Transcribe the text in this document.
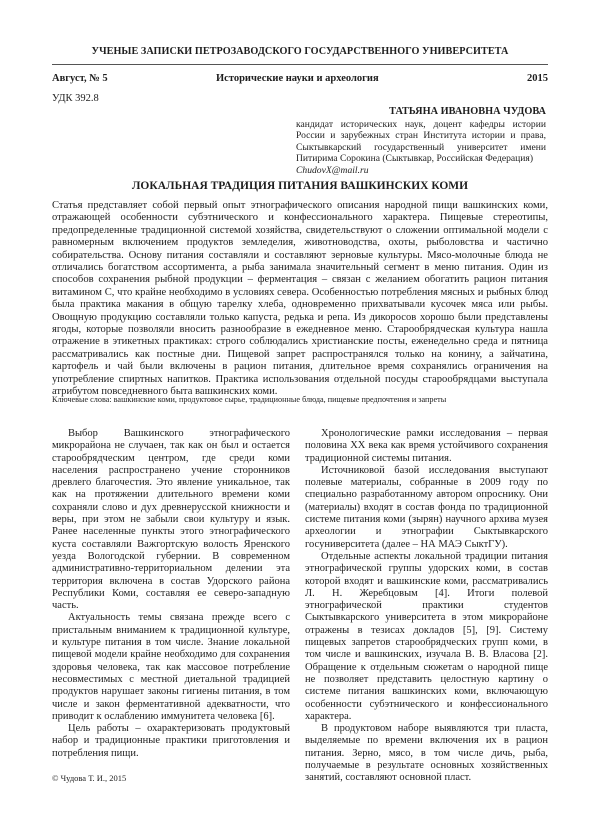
УЧЕНЫЕ ЗАПИСКИ ПЕТРОЗАВОДСКОГО ГОСУДАРСТВЕННОГО УНИВЕРСИТЕТА
Август, № 5	Исторические науки и археология	2015
УДК 392.8
ТАТЬЯНА ИВАНОВНА ЧУДОВА
кандидат исторических наук, доцент кафедры истории России и зарубежных стран Института истории и права, Сыктывкарский государственный университет имени Питирима Сорокина (Сыктывкар, Российская Федерация)
ChudovX@mail.ru
ЛОКАЛЬНАЯ ТРАДИЦИЯ ПИТАНИЯ ВАШКИНСКИХ КОМИ

Статья представляет собой первый опыт этнографического описания народной пищи вашкинских коми, отражающей особенности субэтнического и конфессионального характера. Пищевые стереотипы, предопределенные традиционной системой хозяйства, свидетельствуют о сложении оптимальной модели с равномерным включением продуктов земледелия, животноводства, охоты, рыболовства и частично собирательства. Основу питания составляли и составляют зерновые культуры. Мясо-молочные блюда не отличались богатством ассортимента, а рыба занимала значительный сегмент в меню питания. Один из способов сохранения рыбной продукции – ферментация – связан с желанием обогатить рацион питания витамином С, что крайне необходимо в условиях севера. Особенностью потребления мясных и рыбных блюд была практика макания в общую тарелку хлеба, одновременно прихватывали кусочек мяса или рыбы. Овощную продукцию составляли только капуста, редька и репа. Из дикоросов хорошо были представлены ягоды, которые позволяли вносить разнообразие в ежедневное меню. Старообрядческая культура нашла отражение в этикетных практиках: строго соблюдались христианские посты, еженедельно среда и пятница рассматривались как постные дни. Пищевой запрет распространялся только на конину, а зайчатина, картофель и чай были включены в рацион питания, длительное время сохранялись ограничения на употребление спиртных напитков. Практика использования отдельной посуды старообрядцами выступала атрибутом повседневного быта вашкинских коми.

Ключевые слова: вашкинские коми, продуктовое сырье, традиционные блюда, пищевые предпочтения и запреты

Выбор Вашкинского этнографического микрорайона не случаен, так как он был и остается старообрядческим центром, где среди коми населения распространено учение сторонников древлего благочестия. Это явление уникальное, так как на протяжении длительного времени коми сохраняли слово и дух древнерусской книжности и веры, при этом не забыли свои культуру и язык. Ранее населенные пункты этого этнографического куста составляли Важгортскую волость Яренского уезда Вологодской губернии. В современном административно-территориальном делении эта территория включена в состав Удорского района Республики Коми, составляя ее северо-западную часть.

Актуальность темы связана прежде всего с пристальным вниманием к традиционной культуре, и культуре питания в том числе. Знание локальной пищевой модели крайне необходимо для сохранения здоровья человека, так как массовое потребление несовместимых с местной диетальной традицией продуктов нарушает законы гигиены питания, в том числе и закон ферментативной адекватности, что приводит к ослаблению иммунитета человека [6].

Цель работы – охарактеризовать продуктовый набор и традиционные практики приготовления и потребления пищи.

Хронологические рамки исследования – первая половина XX века как время устойчивого сохранения традиционной системы питания.

Источниковой базой исследования выступают полевые материалы, собранные в 2009 году по специально разработанному автором опроснику. Они (материалы) входят в состав фонда по традиционной системе питания коми (зырян) научного архива музея археологии и этнографии Сыктывкарского госуниверситета (далее – НА МАЭ СыктГУ).

Отдельные аспекты локальной традиции питания этнографической группы удорских коми, в состав которой входят и вашкинские коми, рассматривались Л. Н. Жеребцовым [4]. Итоги полевой этнографической практики студентов Сыктывкарского университета в этом микрорайоне отражены в тезисах докладов [5], [9]. Систему пищевых запретов старообрядческих групп коми, в том числе и вашкинских, изучала В. В. Власова [2]. Обращение к отдельным сюжетам о народной пище не позволяет представить целостную картину о системе питания вашкинских коми, включающую особенности субэтнического и конфессионального характера.

В продуктовом наборе выявляются три пласта, выделяемые по времени включения их в рацион питания. Зерно, мясо, в том числе дичь, рыба, получаемые в результате основных хозяйственных занятий, составляют основной пласт.

© Чудова Т. И., 2015
